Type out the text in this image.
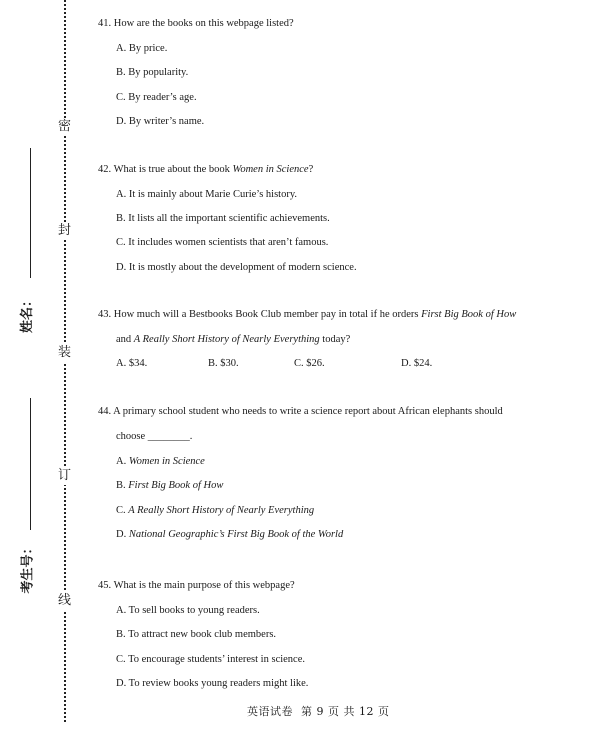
密
封
装
订
线
姓名：
考生号：
41. How are the books on this webpage listed?
A. By price.
B. By popularity.
C. By reader’s age.
D. By writer’s name.
42. What is true about the book Women in Science?
A. It is mainly about Marie Curie’s history.
B. It lists all the important scientific achievements.
C. It includes women scientists that aren’t famous.
D. It is mostly about the development of modern science.
43. How much will a Bestbooks Book Club member pay in total if he orders First Big Book of How
and A Really Short History of Nearly Everything today?
A. $34.	B. $30.	C. $26.	D. $24.
44. A primary school student who needs to write a science report about African elephants should
choose ________.
A. Women in Science
B. First Big Book of How
C. A Really Short History of Nearly Everything
D. National Geographic’s First Big Book of the World
45. What is the main purpose of this webpage?
A. To sell books to young readers.
B. To attract new book club members.
C. To encourage students’ interest in science.
D. To review books young readers might like.
英语试卷 第 9 页 共 12 页
